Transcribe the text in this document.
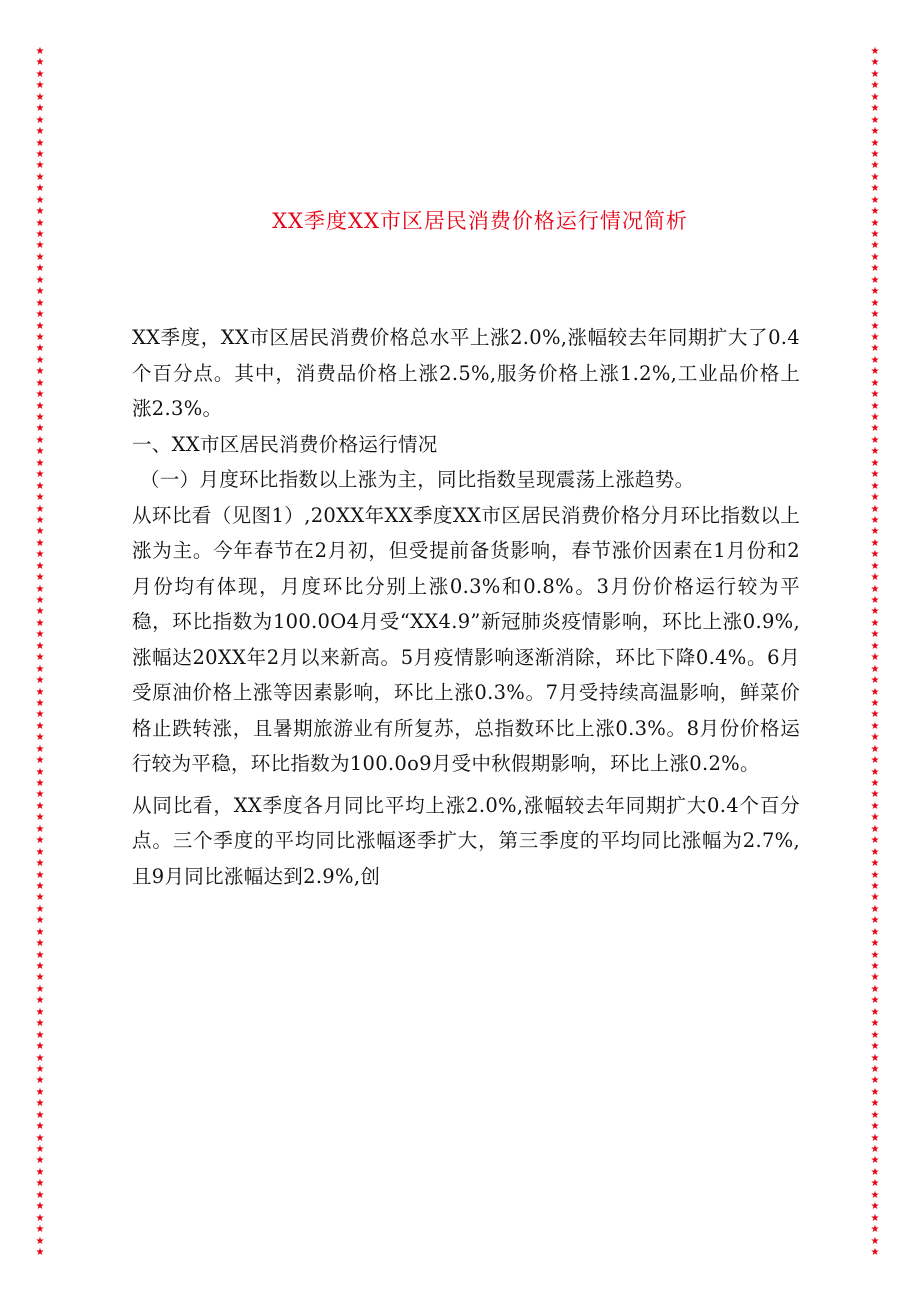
★
★
★
★
★
★
★
★
★
★
★
★
★
★
★
★
★
★
★
★
★
★
★
★
★
★
★
★
★
★
★
★
★
★
★
★
★
★
★
★
★
★
★
★
★
★
★
★
★
★
★
★
★
★
★
★
★
★
★
★
★
★
★
★
★
★
★
★
★
★
★
★
★
★
★
★
★
★
★
★
★
★
★
★
★
★
★
★
★
★
★
★
★
★
★
★
★
★
★
★
★
★
★
★
★
★
★
★
★
★
★
★
★
★
★
★
★
★
★
★
★
★
★
★
★
★
★
★
★
★
★
★
★
★
★
★
★
★
★
★
★
★
★
★
★
★
★
★
★
★
★
★
★
★
★
★
★
★
★
★
★
★
★
★
★
★
★
★
★
★
★
★
★
★
★
★
★
★
★
★
★
★
★
★
★
★
★
★
★
★
★
★
★
★
★
★
★
★
★
★
★
★
★
★
★
★
★
★
★
★
★
★
XX季度XX市区居民消费价格运行情况简析

XX季度，XX市区居民消费价格总水平上涨2.0%,涨幅较去年同期扩大了0.4个百分点。其中，消费品价格上涨2.5%,服务价格上涨1.2%,工业品价格上涨2.3%。

一、XX市区居民消费价格运行情况

（一）月度环比指数以上涨为主，同比指数呈现震荡上涨趋势。

从环比看（见图1）,20XX年XX季度XX市区居民消费价格分月环比指数以上涨为主。今年春节在2月初，但受提前备货影响，春节涨价因素在1月份和2月份均有体现，月度环比分别上涨0.3%和0.8%。3月份价格运行较为平稳，环比指数为100.0O4月受“XX4.9”新冠肺炎疫情影响，环比上涨0.9%,涨幅达20XX年2月以来新高。5月疫情影响逐渐消除，环比下降0.4%。6月受原油价格上涨等因素影响，环比上涨0.3%。7月受持续高温影响，鲜菜价格止跌转涨，且暑期旅游业有所复苏，总指数环比上涨0.3%。8月份价格运行较为平稳，环比指数为100.0o9月受中秋假期影响，环比上涨0.2%。

从同比看，XX季度各月同比平均上涨2.0%,涨幅较去年同期扩大0.4个百分点。三个季度的平均同比涨幅逐季扩大，第三季度的平均同比涨幅为2.7%,且9月同比涨幅达到2.9%,创
